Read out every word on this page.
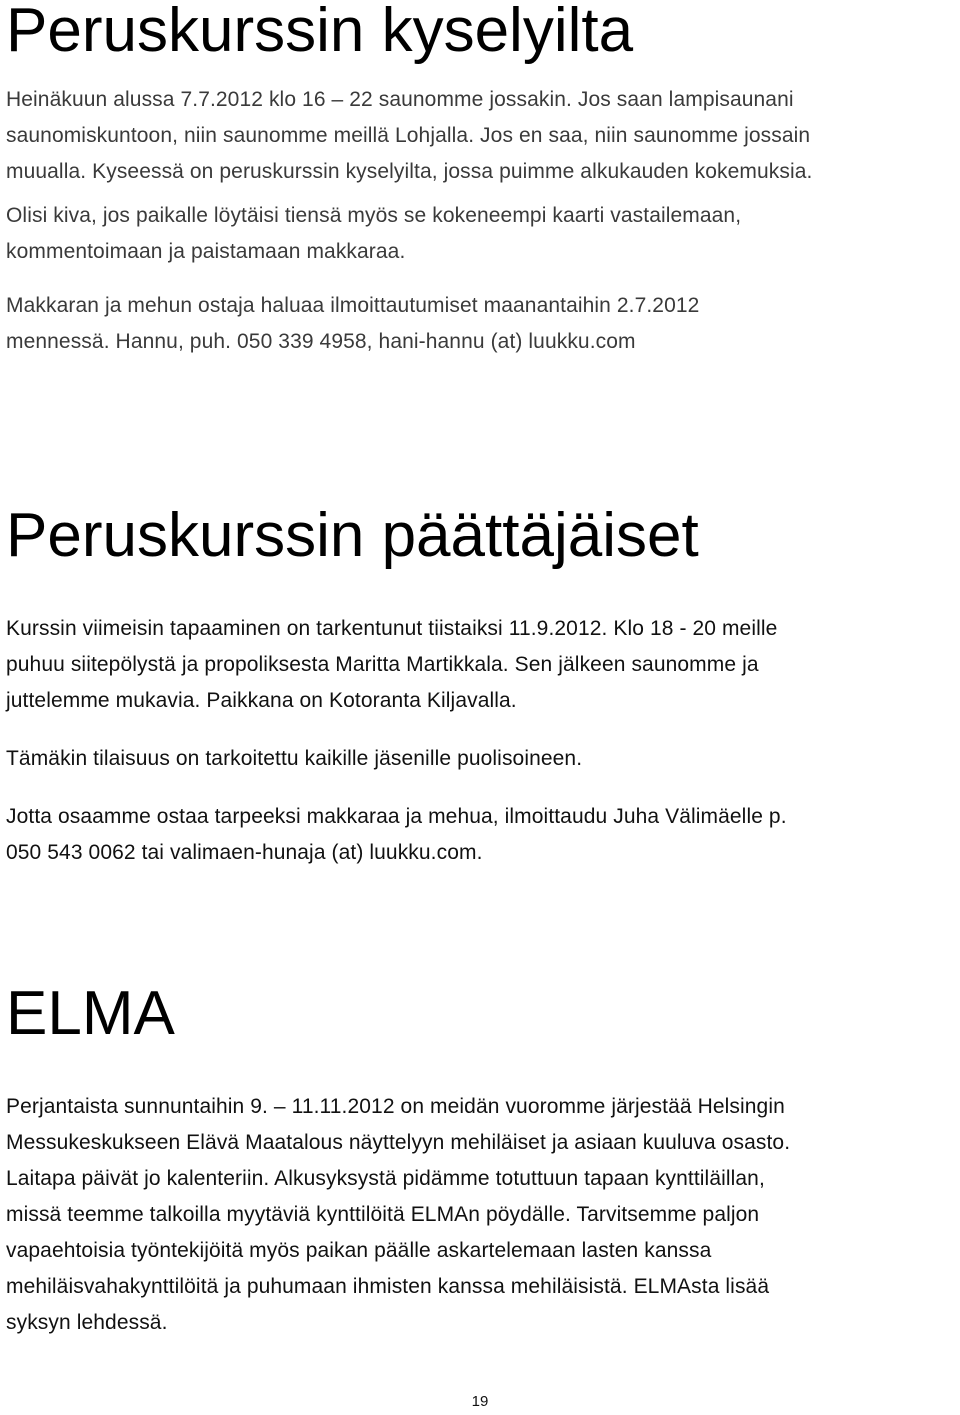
Peruskurssin kyselyilta

Heinäkuun alussa 7.7.2012 klo 16 – 22 saunomme jossakin. Jos saan lampisaunani

saunomiskuntoon, niin saunomme meillä Lohjalla. Jos en saa, niin saunomme jossain

muualla. Kyseessä on peruskurssin kyselyilta, jossa puimme alkukauden kokemuksia.

Olisi kiva, jos paikalle löytäisi tiensä myös se kokeneempi kaarti vastailemaan,

kommentoimaan ja paistamaan makkaraa.

Makkaran ja mehun ostaja haluaa ilmoittautumiset maanantaihin 2.7.2012

mennessä. Hannu, puh. 050 339 4958, hani-hannu (at) luukku.com

Peruskurssin päättäjäiset

Kurssin viimeisin tapaaminen on tarkentunut tiistaiksi 11.9.2012. Klo 18 - 20 meille

puhuu siitepölystä ja propoliksesta Maritta Martikkala. Sen jälkeen saunomme ja

juttelemme mukavia. Paikkana on Kotoranta Kiljavalla.

Tämäkin tilaisuus on tarkoitettu kaikille jäsenille puolisoineen.

Jotta osaamme ostaa tarpeeksi makkaraa ja mehua, ilmoittaudu Juha Välimäelle p.

050 543 0062 tai valimaen-hunaja (at) luukku.com.

ELMA

Perjantaista sunnuntaihin 9. – 11.11.2012 on meidän vuoromme järjestää Helsingin

Messukeskukseen Elävä Maatalous näyttelyyn mehiläiset ja asiaan kuuluva osasto.

Laitapa päivät jo kalenteriin. Alkusyksystä pidämme totuttuun tapaan kynttiläillan,

missä teemme talkoilla myytäviä kynttilöitä ELMAn pöydälle. Tarvitsemme paljon

vapaehtoisia työntekijöitä myös paikan päälle askartelemaan lasten kanssa

mehiläisvahakynttilöitä ja puhumaan ihmisten kanssa mehiläisistä. ELMAsta lisää

syksyn lehdessä.

19
